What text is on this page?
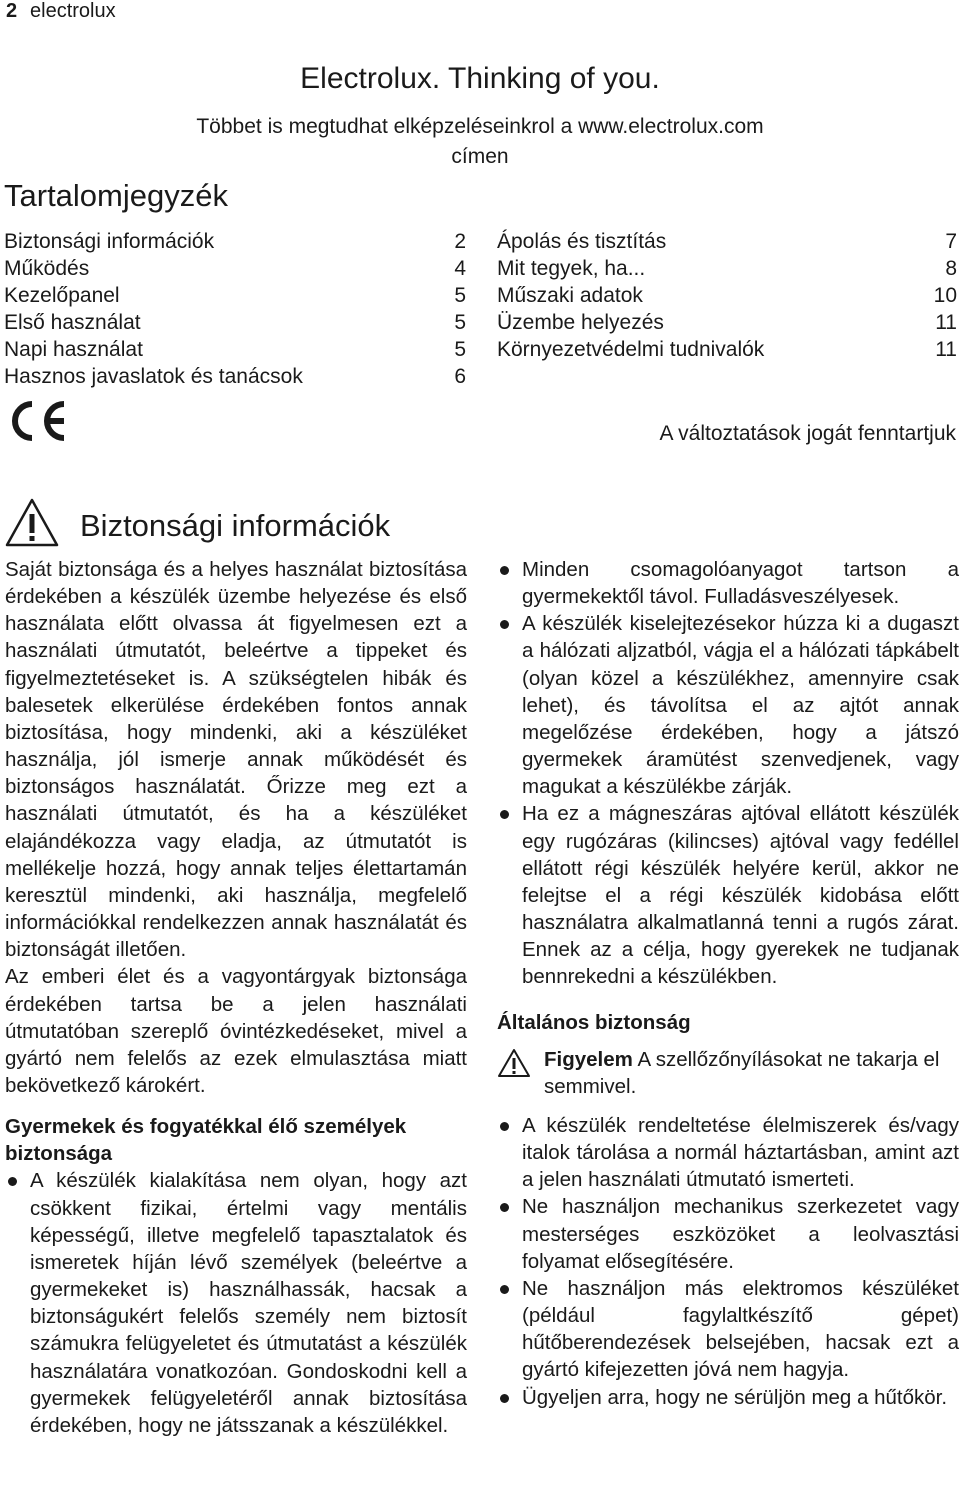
2 electrolux
Electrolux. Thinking of you.
Többet is megtudhat elképzeléseinkrol a www.electrolux.com
címen
Tartalomjegyzék
Biztonsági információk	2
Működés	4
Kezelőpanel	5
Első használat	5
Napi használat	5
Hasznos javaslatok és tanácsok	6
Ápolás és tisztítás	7
Mit tegyek, ha...	8
Műszaki adatok	10
Üzembe helyezés	11
Környezetvédelmi tudnivalók	11
A változtatások jogát fenntartjuk
Biztonsági információk

Saját biztonsága és a helyes használat biztosítása érdekében a készülék üzembe helyezése és első használata előtt olvassa át figyelmesen ezt a használati útmutatót, beleértve a tippeket és figyelmeztetéseket is. A szükségtelen hibák és balesetek elkerülése érdekében fontos annak biztosítása, hogy mindenki, aki a készüléket használja, jól ismerje annak működését és biztonságos használatát. Őrizze meg ezt a használati útmutatót, és ha a készüléket elajándékozza vagy eladja, az útmutatót is mellékelje hozzá, hogy annak teljes élettartamán keresztül mindenki, aki használja, megfelelő információkkal rendelkezzen annak használatát és biztonságát illetően.

Az emberi élet és a vagyontárgyak biztonsága érdekében tartsa be a jelen használati útmutatóban szereplő óvintézkedéseket, mivel a gyártó nem felelős az ezek elmulasztása miatt bekövetkező károkért.

Gyermekek és fogyatékkal élő személyek biztonsága

A készülék kialakítása nem olyan, hogy azt csökkent fizikai, értelmi vagy mentális képességű, illetve megfelelő tapasztalatok és ismeretek híján lévő személyek (beleértve a gyermekeket is) használhassák, hacsak a biztonságukért felelős személy nem biztosít számukra felügyeletet és útmutatást a készülék használatára vonatkozóan. Gondoskodni kell a gyermekek felügyeletéről annak biztosítása érdekében, hogy ne játsszanak a készülékkel.
Minden csomagolóanyagot tartson a gyermekektől távol. Fulladásveszélyesek.
A készülék kiselejtezésekor húzza ki a dugaszt a hálózati aljzatból, vágja el a hálózati tápkábelt (olyan közel a készülékhez, amennyire csak lehet), és távolítsa el az ajtót annak megelőzése érdekében, hogy a játszó gyermekek áramütést szenvedjenek, vagy magukat a készülékbe zárják.
Ha ez a mágneszáras ajtóval ellátott készülék egy rugózáras (kilincses) ajtóval vagy fedéllel ellátott régi készülék helyére kerül, akkor ne felejtse el a régi készülék kidobása előtt használatra alkalmatlanná tenni a rugós zárat. Ennek az a célja, hogy gyerekek ne tudjanak bennrekedni a készülékben.

Általános biztonság

Figyelem A szellőzőnyílásokat ne takarja el semmivel.
A készülék rendeltetése élelmiszerek és/vagy italok tárolása a normál háztartásban, amint azt a jelen használati útmutató ismerteti.
Ne használjon mechanikus szerkezetet vagy mesterséges eszközöket a leolvasztási folyamat elősegítésére.
Ne használjon más elektromos készüléket (például fagylaltkészítő gépet) hűtőberendezések belsejében, hacsak ezt a gyártó kifejezetten jóvá nem hagyja.
Ügyeljen arra, hogy ne sérüljön meg a hűtőkör.
